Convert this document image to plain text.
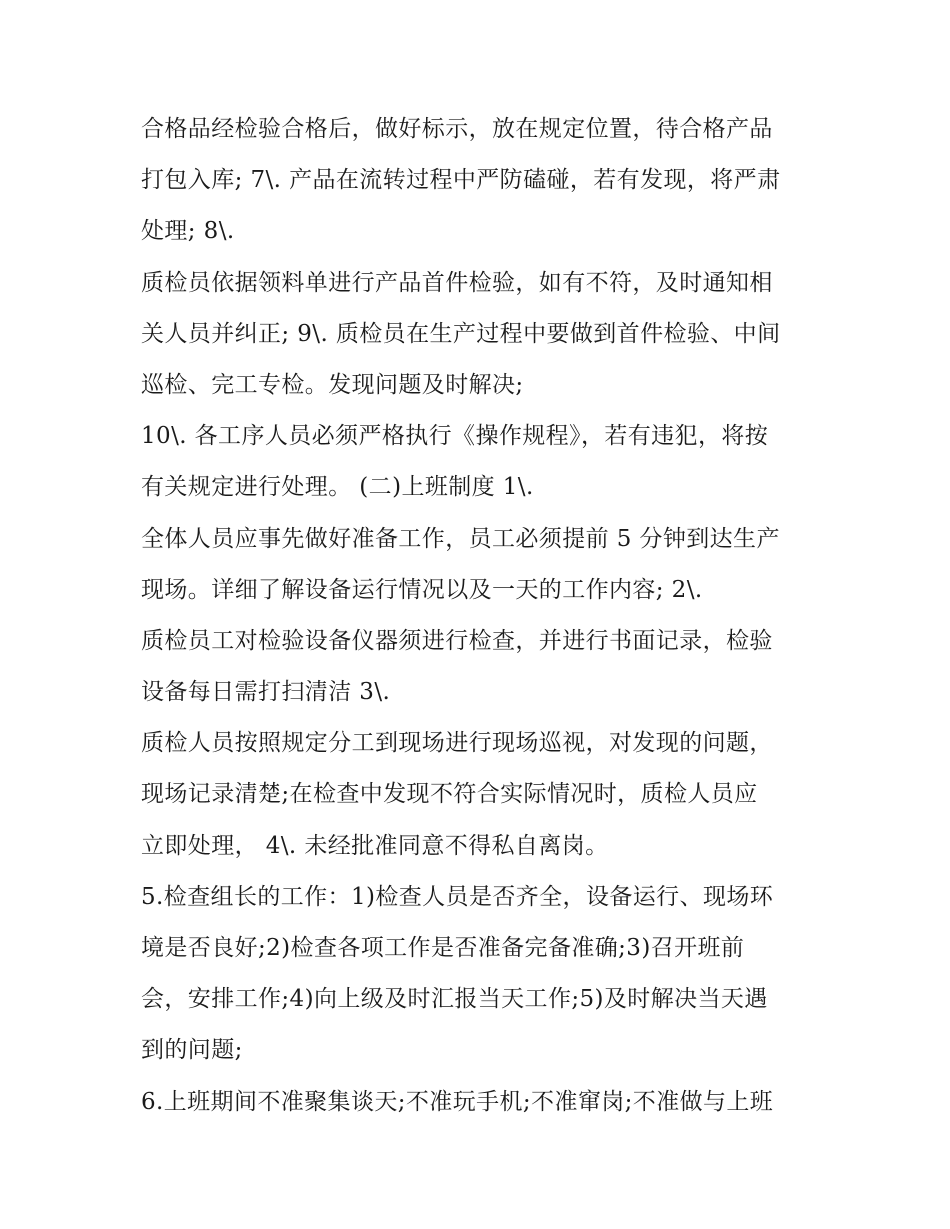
合格品经检验合格后，做好标示，放在规定位置，待合格产品
打包入库; 7\. 产品在流转过程中严防磕碰，若有发现，将严肃
处理; 8\.
质检员依据领料单进行产品首件检验，如有不符，及时通知相
关人员并纠正; 9\. 质检员在生产过程中要做到首件检验、中间
巡检、完工专检。发现问题及时解决;
10\. 各工序人员必须严格执行《操作规程》，若有违犯，将按
有关规定进行处理。 (二)上班制度 1\.
全体人员应事先做好准备工作，员工必须提前 5 分钟到达生产
现场。详细了解设备运行情况以及一天的工作内容; 2\.
质检员工对检验设备仪器须进行检查，并进行书面记录，检验
设备每日需打扫清洁 3\.
质检人员按照规定分工到现场进行现场巡视，对发现的问题，
现场记录清楚;在检查中发现不符合实际情况时，质检人员应
立即处理， 4\. 未经批准同意不得私自离岗。
5.检查组长的工作：1)检查人员是否齐全，设备运行、现场环
境是否良好;2)检查各项工作是否准备完备准确;3)召开班前
会，安排工作;4)向上级及时汇报当天工作;5)及时解决当天遇
到的问题;
6.上班期间不准聚集谈天;不准玩手机;不准窜岗;不准做与上班
